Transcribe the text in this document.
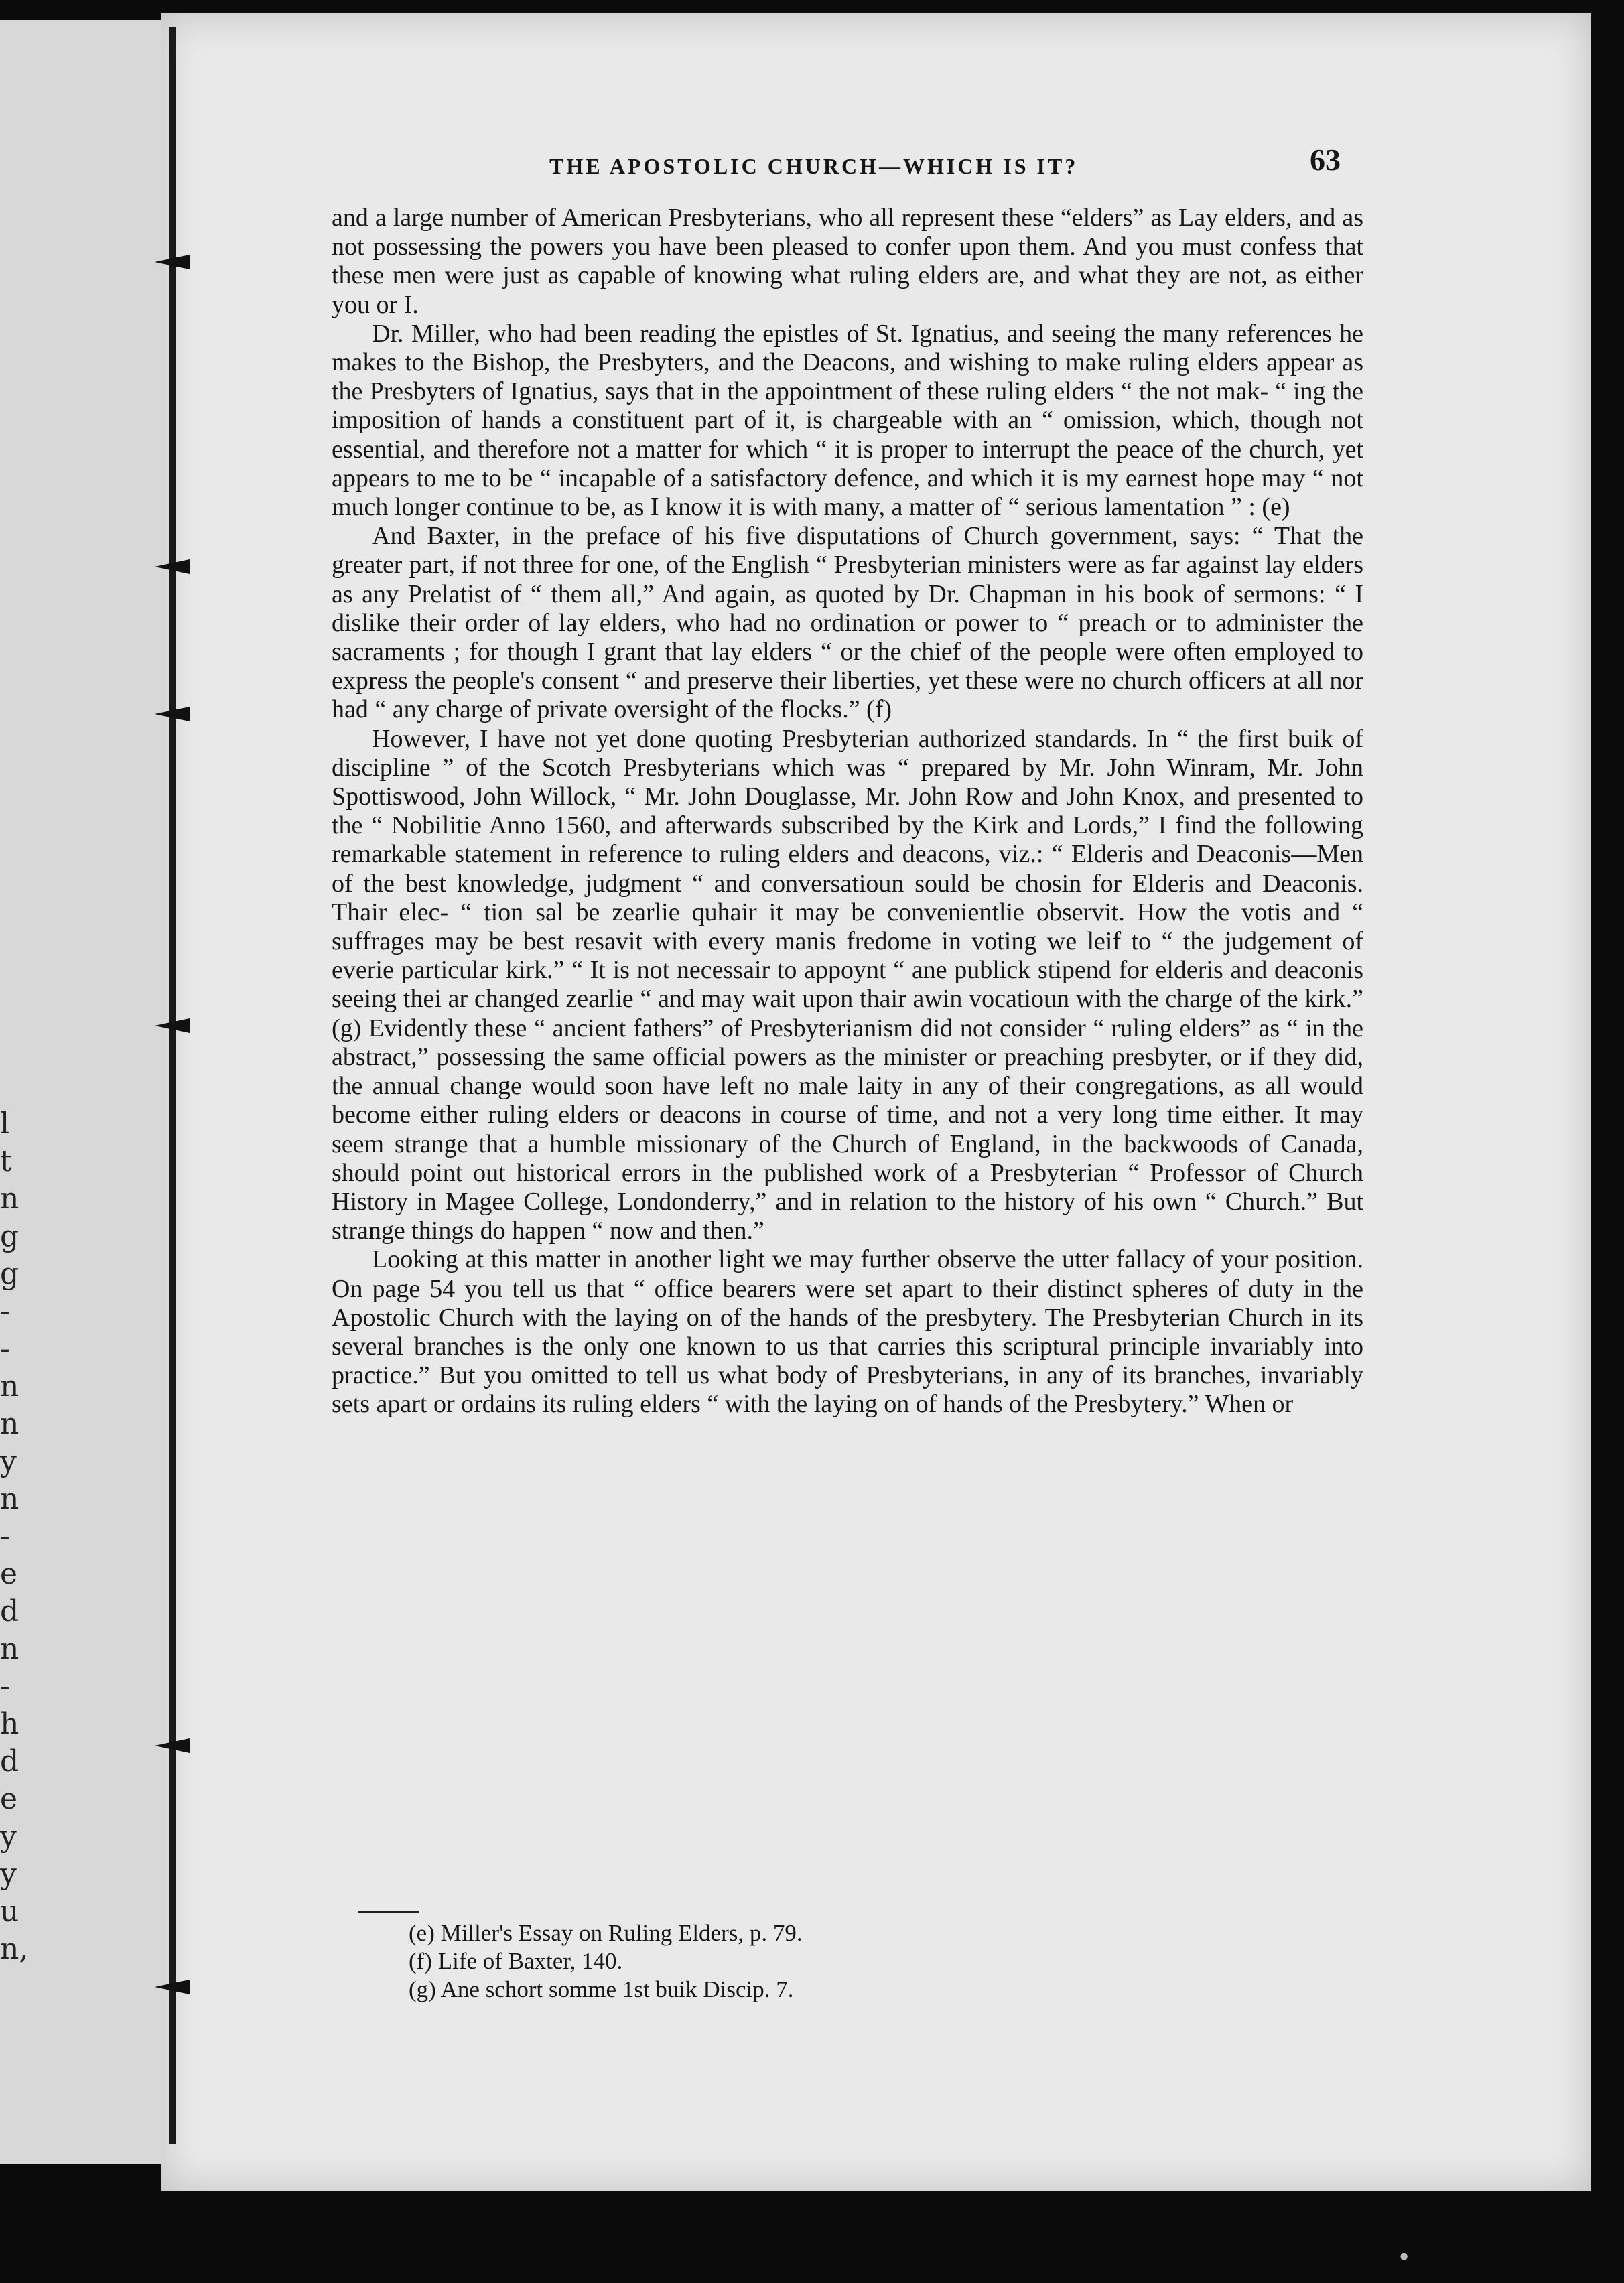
l
t
n
g
g
-
-
n
n
y
n
-
e
d
n
-
h
d
e
y
y
u
n,
THE APOSTOLIC CHURCH—WHICH IS IT?	63

and a large number of American Presbyterians, who all represent these “elders” as Lay elders, and as not possessing the powers you have been pleased to confer upon them. And you must confess that these men were just as capable of knowing what ruling elders are, and what they are not, as either you or I.

Dr. Miller, who had been reading the epistles of St. Ignatius, and seeing the many references he makes to the Bishop, the Presbyters, and the Deacons, and wishing to make ruling elders appear as the Presbyters of Ignatius, says that in the appointment of these ruling elders “ the not mak- “ ing the imposition of hands a constituent part of it, is chargeable with an “ omission, which, though not essential, and therefore not a matter for which “ it is proper to interrupt the peace of the church, yet appears to me to be “ incapable of a satisfactory defence, and which it is my earnest hope may “ not much longer continue to be, as I know it is with many, a matter of “ serious lamentation ” : (e)

And Baxter, in the preface of his five disputations of Church government, says: “ That the greater part, if not three for one, of the English “ Presbyterian ministers were as far against lay elders as any Prelatist of “ them all,” And again, as quoted by Dr. Chapman in his book of sermons: “ I dislike their order of lay elders, who had no ordination or power to “ preach or to administer the sacraments ; for though I grant that lay elders “ or the chief of the people were often employed to express the people's consent “ and preserve their liberties, yet these were no church officers at all nor had “ any charge of private oversight of the flocks.” (f)

However, I have not yet done quoting Presbyterian authorized standards. In “ the first buik of discipline ” of the Scotch Presbyterians which was “ prepared by Mr. John Winram, Mr. John Spottiswood, John Willock, “ Mr. John Douglasse, Mr. John Row and John Knox, and presented to the “ Nobilitie Anno 1560, and afterwards subscribed by the Kirk and Lords,” I find the following remarkable statement in reference to ruling elders and deacons, viz.: “ Elderis and Deaconis—Men of the best knowledge, judgment “ and conversatioun sould be chosin for Elderis and Deaconis. Thair elec- “ tion sal be zearlie quhair it may be convenientlie observit. How the votis and “ suffrages may be best resavit with every manis fredome in voting we leif to “ the judgement of everie particular kirk.” “ It is not necessair to appoynt “ ane publick stipend for elderis and deaconis seeing thei ar changed zearlie “ and may wait upon thair awin vocatioun with the charge of the kirk.” (g) Evidently these “ ancient fathers” of Presbyterianism did not consider “ ruling elders” as “ in the abstract,” possessing the same official powers as the minister or preaching presbyter, or if they did, the annual change would soon have left no male laity in any of their congregations, as all would become either ruling elders or deacons in course of time, and not a very long time either. It may seem strange that a humble missionary of the Church of England, in the backwoods of Canada, should point out historical errors in the published work of a Presbyterian “ Professor of Church History in Magee College, Londonderry,” and in relation to the history of his own “ Church.” But strange things do happen “ now and then.”

Looking at this matter in another light we may further observe the utter fallacy of your position. On page 54 you tell us that “ office bearers were set apart to their distinct spheres of duty in the Apostolic Church with the laying on of the hands of the presbytery. The Presbyterian Church in its several branches is the only one known to us that carries this scriptural principle invariably into practice.” But you omitted to tell us what body of Presbyterians, in any of its branches, invariably sets apart or ordains its ruling elders “ with the laying on of hands of the Presbytery.” When or

(e) Miller's Essay on Ruling Elders, p. 79.
(f) Life of Baxter, 140.
(g) Ane schort somme 1st buik Discip. 7.
•
